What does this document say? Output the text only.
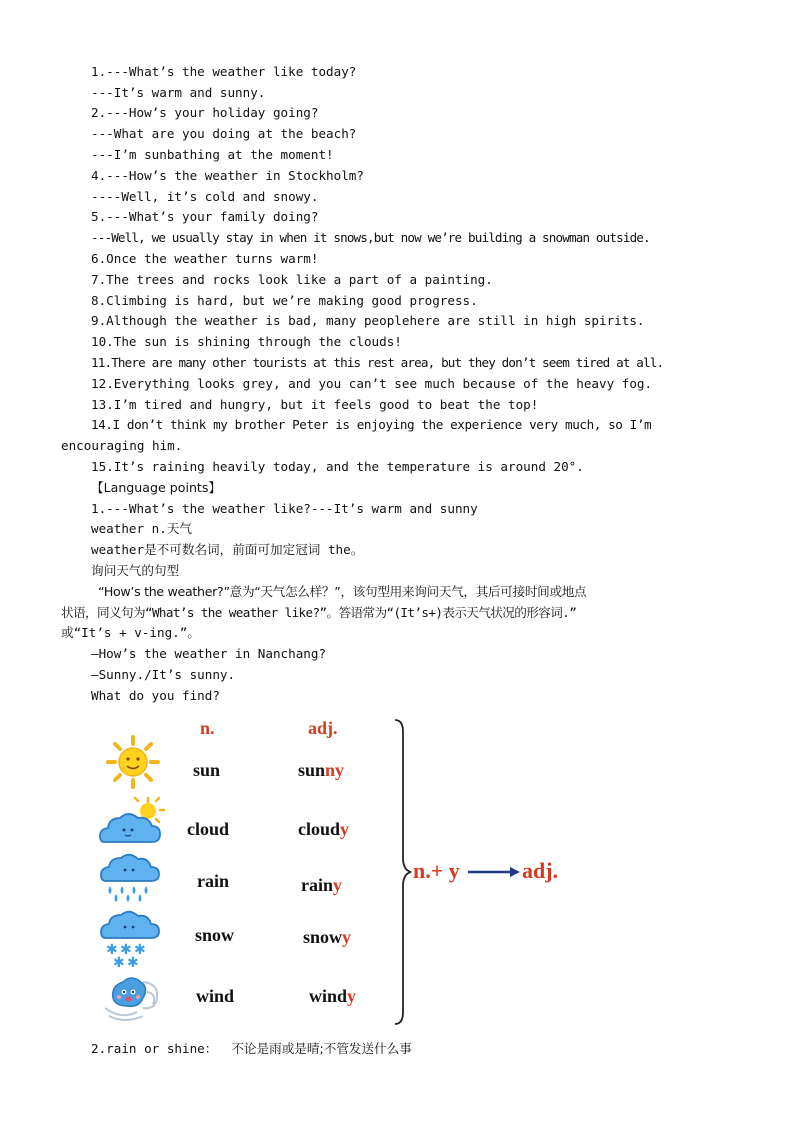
1.---What’s the weather like today?
---It’s warm and sunny.
2.---How’s your holiday going?
---What are you doing at the beach?
---I’m sunbathing at the moment!
4.---How’s the weather in Stockholm?
----Well, it’s cold and snowy.
5.---What’s your family doing?
---Well, we usually stay in when it snows,but now we’re building a snowman outside.
6.Once the weather turns warm!
7.The trees and rocks look like a part of a painting.
8.Climbing is hard, but we’re making good progress.
9.Although the weather is bad, many peoplehere are still in high spirits.
10.The sun is shining through the clouds!
11.There are many other tourists at this rest area, but they don’t seem tired at all.
12.Everything looks grey, and you can’t see much because of the heavy fog.
13.I’m tired and hungry, but it feels good to beat the top!
14.I don’t think my brother Peter is enjoying the experience very much, so I’m
encouraging him.
15.It’s raining heavily today, and the temperature is around 20°.
【Language points】
1.---What’s the weather like?---It’s warm and sunny
weather n.天气
weather是不可数名词，前面可加定冠词 the。
询问天气的句型
“How’s the weather?”意为“天气怎么样？”，该句型用来询问天气，其后可接时间或地点
状语，同义句为“What’s the weather like?”。答语常为“(It’s+)表示天气状况的形容词.”
或“It’s + v-ing.”。
—How’s the weather in Nanchang?
—Sunny./It’s sunny.
What do you find?
n.	adj.
sun	sunny
cloud	cloudy
rain	rainy
✱ ✱ ✱
✱ ✱
snow	snowy
wind	windy
n.+ y	adj.
2.rain or shine： 不论是雨或是晴;不管发送什么事
